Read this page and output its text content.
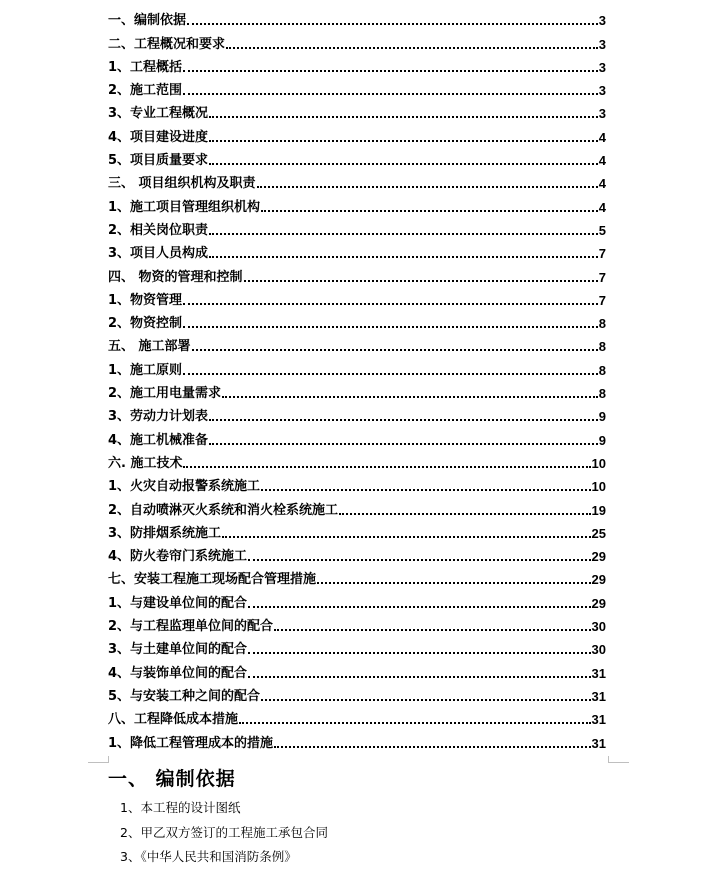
一、编制依据	3
二、工程概况和要求	3
1、工程概括	3
2、施工范围	3
3、专业工程概况	3
4、项目建设进度	4
5、项目质量要求	4
三、 项目组织机构及职责	4
1、施工项目管理组织机构	4
2、相关岗位职责	5
3、项目人员构成	7
四、 物资的管理和控制	7
1、物资管理	7
2、物资控制	8
五、 施工部署	8
1、施工原则	8
2、施工用电量需求	8
3、劳动力计划表	9
4、施工机械准备	9
六. 施工技术	10
1、火灾自动报警系统施工	10
2、自动喷淋灭火系统和消火栓系统施工	19
3、防排烟系统施工	25
4、防火卷帘门系统施工	29
七、安装工程施工现场配合管理措施	29
1、与建设单位间的配合	29
2、与工程监理单位间的配合	30
3、与土建单位间的配合	30
4、与装饰单位间的配合	31
5、与安装工种之间的配合	31
八、工程降低成本措施	31
1、降低工程管理成本的措施	31
一、 编制依据
1、本工程的设计图纸
2、甲乙双方签订的工程施工承包合同
3、《中华人民共和国消防条例》
